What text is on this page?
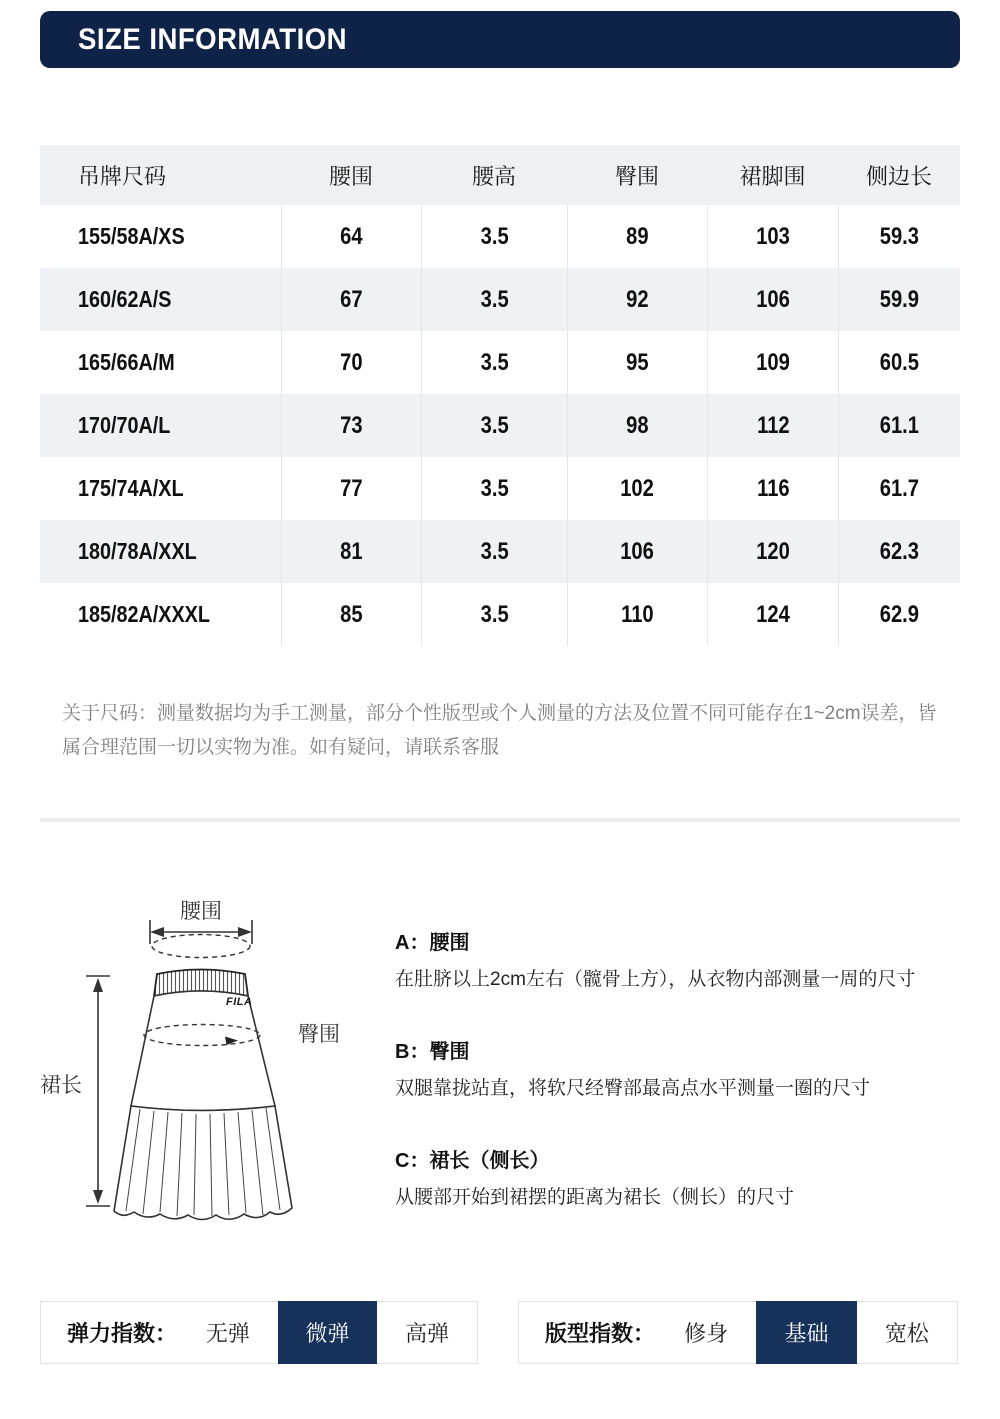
SIZE INFORMATION
吊牌尺码	腰围	腰高	臀围	裙脚围	侧边长
155/58A/XS	64	3.5	89	103	59.3
160/62A/S	67	3.5	92	106	59.9
165/66A/M	70	3.5	95	109	60.5
170/70A/L	73	3.5	98	112	61.1
175/74A/XL	77	3.5	102	116	61.7
180/78A/XXL	81	3.5	106	120	62.3
185/82A/XXXL	85	3.5	110	124	62.9
关于尺码：测量数据均为手工测量，部分个性版型或个人测量的方法及位置不同可能存在1~2cm误差，皆属合理范围一切以实物为准。如有疑问，请联系客服
腰围
FILA
臀围
裙长
A：腰围
在肚脐以上2cm左右（髋骨上方），从衣物内部测量一周的尺寸
B：臀围
双腿靠拢站直，将软尺经臀部最高点水平测量一圈的尺寸
C：裙长（侧长）
从腰部开始到裙摆的距离为裙长（侧长）的尺寸
弹力指数：	无弹	微弹	高弹	版型指数：	修身	基础	宽松
